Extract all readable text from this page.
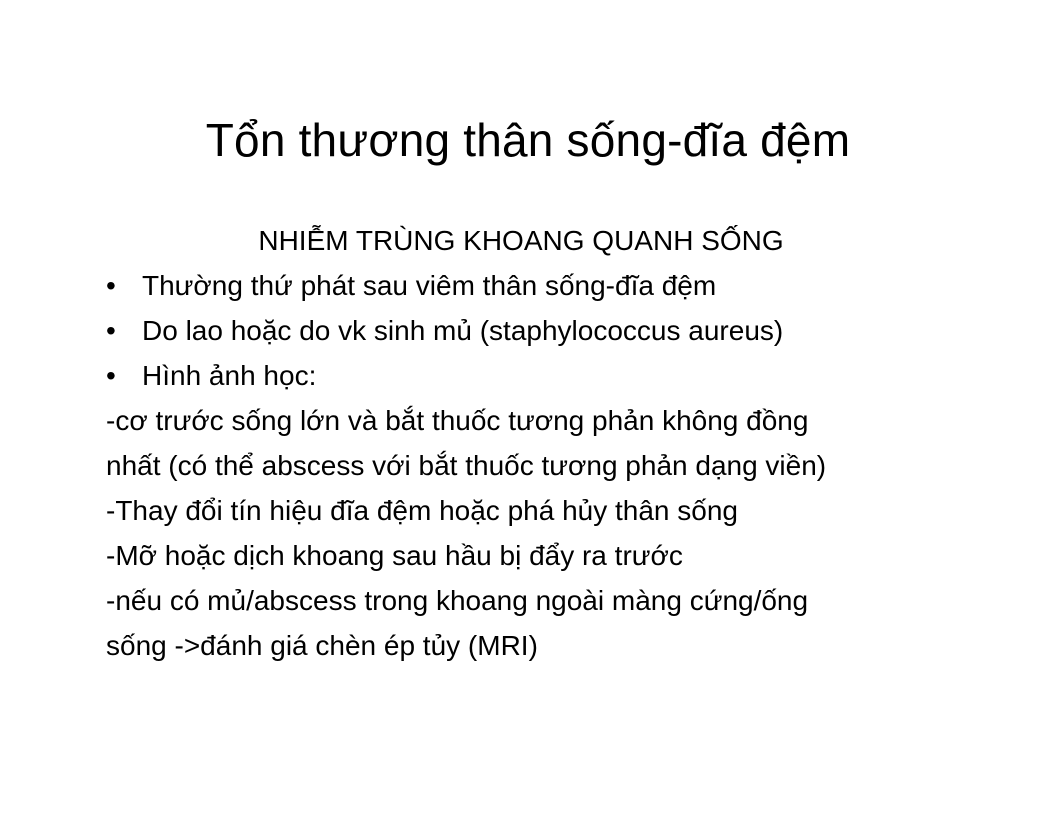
Tổn thương thân sống-đĩa đệm
NHIỄM TRÙNG KHOANG QUANH SỐNG
• Thường thứ phát sau viêm thân sống-đĩa đệm
• Do lao hoặc do vk sinh mủ (staphylococcus aureus)
• Hình ảnh học:
-cơ trước sống lớn và bắt thuốc tương phản không đồng
nhất (có thể abscess với bắt thuốc tương phản dạng viền)
-Thay đổi tín hiệu đĩa đệm hoặc phá hủy thân sống
-Mỡ hoặc dịch khoang sau hầu bị đẩy ra trước
-nếu có mủ/abscess trong khoang ngoài màng cứng/ống
sống ->đánh giá chèn ép tủy (MRI)
